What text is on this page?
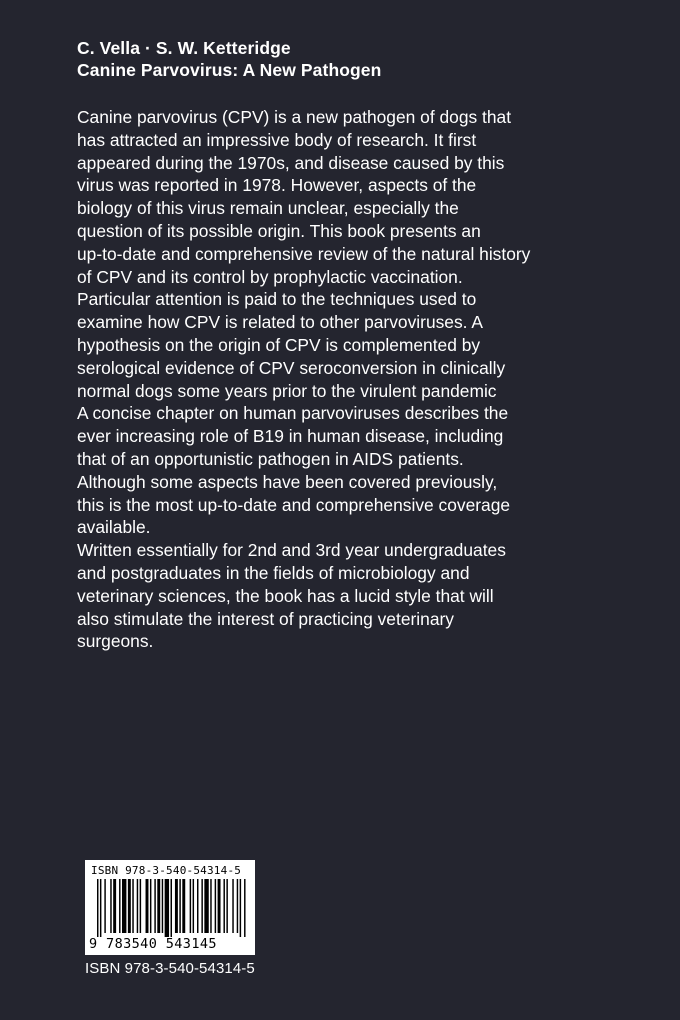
C. Vella · S. W. Ketteridge
Canine Parvovirus: A New Pathogen
Canine parvovirus (CPV) is a new pathogen of dogs that
has attracted an impressive body of research. It first
appeared during the 1970s, and disease caused by this
virus was reported in 1978. However, aspects of the
biology of this virus remain unclear, especially the
question of its possible origin. This book presents an
up-to-date and comprehensive review of the natural history
of CPV and its control by prophylactic vaccination.
Particular attention is paid to the techniques used to
examine how CPV is related to other parvoviruses. A
hypothesis on the origin of CPV is complemented by
serological evidence of CPV seroconversion in clinically
normal dogs some years prior to the virulent pandemic
A concise chapter on human parvoviruses describes the
ever increasing role of B19 in human disease, including
that of an opportunistic pathogen in AIDS patients.
Although some aspects have been covered previously,
this is the most up-to-date and comprehensive coverage
available.
Written essentially for 2nd and 3rd year undergraduates
and postgraduates in the fields of microbiology and
veterinary sciences, the book has a lucid style that will
also stimulate the interest of practicing veterinary
surgeons.
ISBN 978-3-540-54314-5
9 783540 543145
ISBN 978-3-540-54314-5
